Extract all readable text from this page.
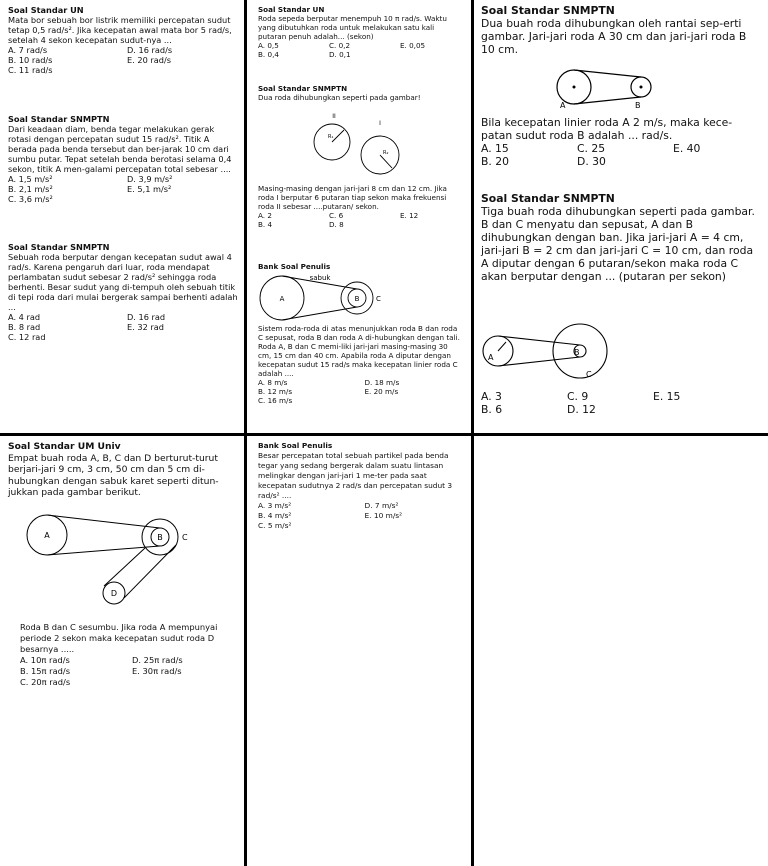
Soal Standar UN

Mata bor sebuah bor listrik memiliki percepatan sudut tetap 0,5 rad/s². Jika kecepatan awal mata bor 5 rad/s, setelah 4 sekon kecepatan sudut-nya ...

A. 7 rad/s	D. 16 rad/s
B. 10 rad/s	E. 20 rad/s
C. 11 rad/s
Soal Standar SNMPTN

Dari keadaan diam, benda tegar melakukan gerak rotasi dengan percepatan sudut 15 rad/s². Titik A berada pada benda tersebut dan ber-jarak 10 cm dari sumbu putar. Tepat setelah benda berotasi selama 0,4 sekon, titik A men-galami percepatan total sebesar ....

A. 1,5 m/s²	D. 3,9 m/s²
B. 2,1 m/s²	E. 5,1 m/s²
C. 3,6 m/s²
Soal Standar SNMPTN

Sebuah roda berputar dengan kecepatan sudut awal 4 rad/s. Karena pengaruh dari luar, roda mendapat perlambatan sudut sebesar 2 rad/s² sehingga roda berhenti. Besar sudut yang di-tempuh oleh sebuah titik di tepi roda dari mulai bergerak sampai berhenti adalah ...

A. 4 rad	D. 16 rad
B. 8 rad	E. 32 rad
C. 12 rad
Soal Standar UN

Roda sepeda berputar menempuh 10 π rad/s. Waktu yang dibutuhkan roda untuk melakukan satu kali putaran penuh adalah... (sekon)

A. 0,5	C. 0,2	E. 0,05
B. 0,4	D. 0,1
Soal Standar SNMPTN

Dua roda dihubungkan seperti pada gambar!

II
I
R₁
R₂

Masing-masing dengan jari-jari 8 cm dan 12 cm. Jika roda I berputar 6 putaran tiap sekon maka frekuensi roda II sebesar ....putaran/ sekon.

A. 2	C. 6	E. 12
B. 4	D. 8
Bank Soal Penulis
sabuk
A	B C

Sistem roda-roda di atas menunjukkan roda B dan roda C sepusat, roda B dan roda A di-hubungkan dengan tali. Roda A, B dan C memi-liki jari-jari masing-masing 30 cm, 15 cm dan 40 cm. Apabila roda A diputar dengan kecepatan sudut 15 rad/s maka kecepatan linier roda C adalah ....

A. 8 m/s	D. 18 m/s
B. 12 m/s	E. 20 m/s
C. 16 m/s
Soal Standar SNMPTN

Dua buah roda dihubungkan oleh rantai sep-erti gambar. Jari-jari roda A 30 cm dan jari-jari roda B 10 cm.

A	B

Bila kecepatan linier roda A 2 m/s, maka kece-patan sudut roda B adalah ... rad/s.

A. 15	C. 25	E. 40
B. 20	D. 30
Soal Standar SNMPTN

Tiga buah roda dihubungkan seperti pada gambar. B dan C menyatu dan sepusat, A dan B dihubungkan dengan ban. Jika jari-jari A = 4 cm, jari-jari B = 2 cm dan jari-jari C = 10 cm, dan roda A diputar dengan 6 putaran/sekon maka roda C akan berputar dengan ... (putaran per sekon)

A
B
C
A. 3	C. 9	E. 15
B. 6	D. 12
Soal Standar UM Univ

Empat buah roda A, B, C dan D berturut-turut berjari-jari 9 cm, 3 cm, 50 cm dan 5 cm di-hubungkan dengan sabuk karet seperti ditun-jukkan pada gambar berikut.

A	B C
D

Roda B dan C sesumbu. Jika roda A mempunyai periode 2 sekon maka kecepatan sudut roda D besarnya .....

A. 10π rad/s	D. 25π rad/s
B. 15π rad/s	E. 30π rad/s
C. 20π rad/s
Bank Soal Penulis

Besar percepatan total sebuah partikel pada benda tegar yang sedang bergerak dalam suatu lintasan melingkar dengan jari-jari 1 me-ter pada saat kecepatan sudutnya 2 rad/s dan percepatan sudut 3 rad/s² ....

A. 3 m/s²	D. 7 m/s²
B. 4 m/s²	E. 10 m/s²
C. 5 m/s²
